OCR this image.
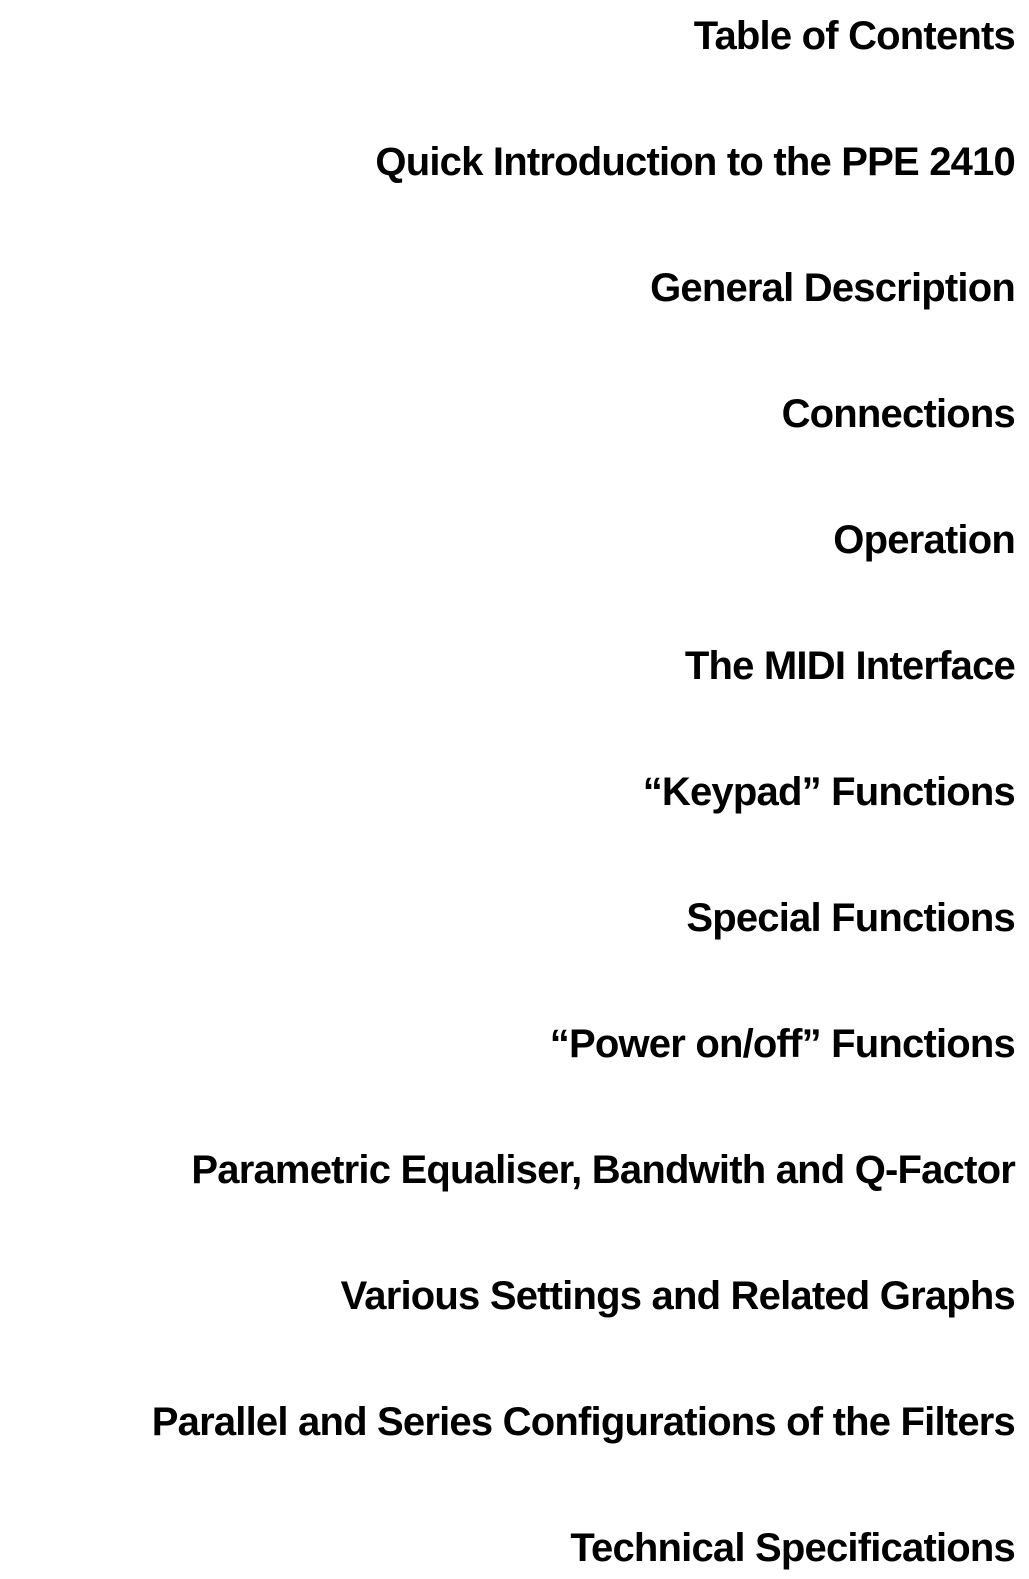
Table of Contents

Quick Introduction to the PPE 2410

General Description

Connections

Operation

The MIDI Interface

“Keypad” Functions

Special Functions

“Power on/off” Functions

Parametric Equaliser, Bandwith and Q-Factor

Various Settings and Related Graphs

Parallel and Series Configurations of the Filters

Technical Specifications
